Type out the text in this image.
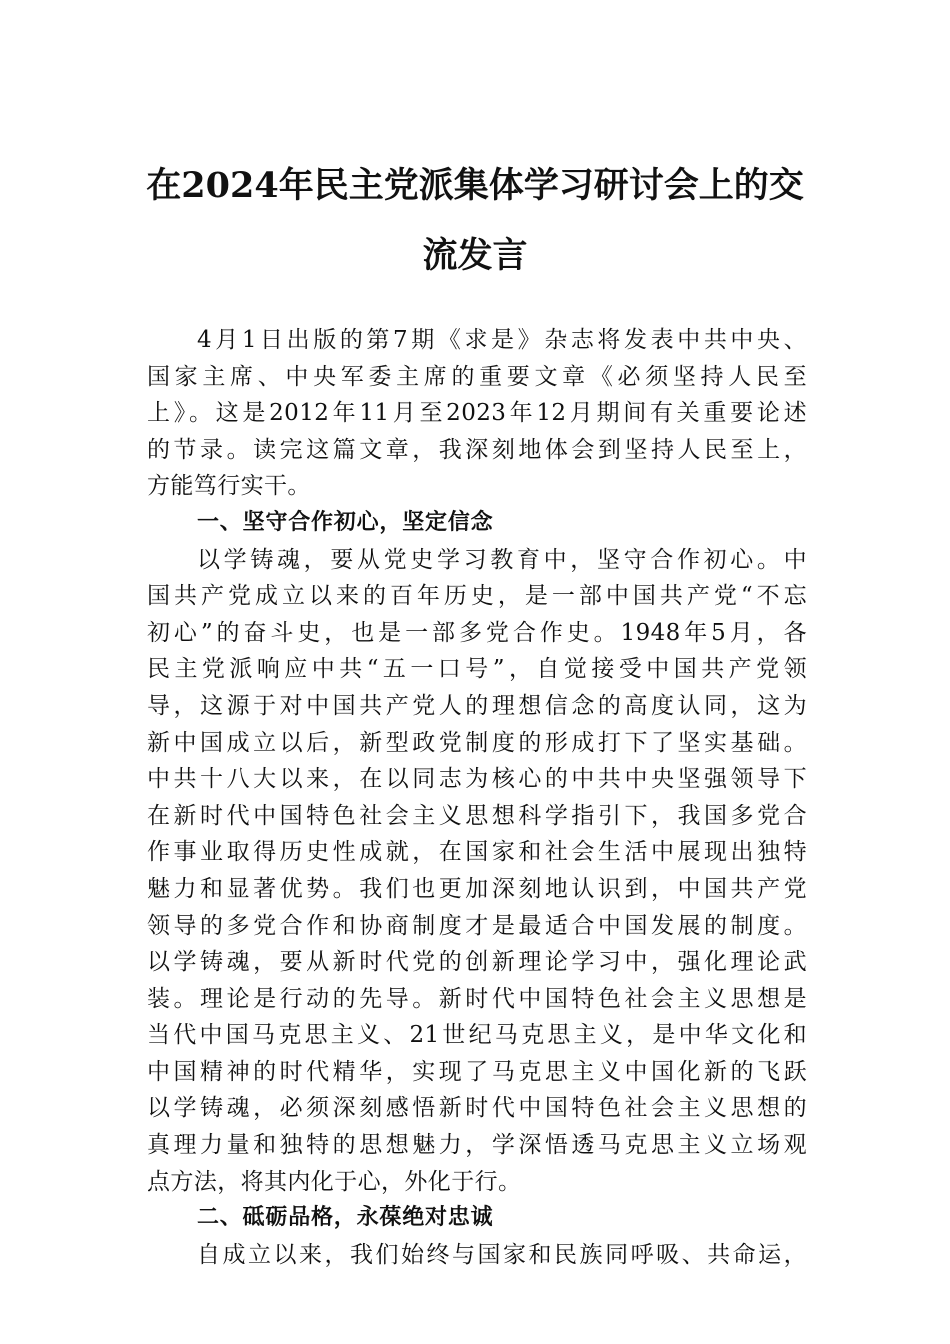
在2024年民主党派集体学习研讨会上的交
流发言
4月1日出版的第7期《求是》杂志将发表中共中央、
国家主席、中央军委主席的重要文章《必须坚持人民至
上》。这是2012年11月至2023年12月期间有关重要论述
的节录。读完这篇文章，我深刻地体会到坚持人民至上，
方能笃行实干。
一、坚守合作初心，坚定信念
以学铸魂，要从党史学习教育中，坚守合作初心。中
国共产党成立以来的百年历史，是一部中国共产党“不忘
初心”的奋斗史，也是一部多党合作史。1948年5月，各
民主党派响应中共“五一口号”，自觉接受中国共产党领
导，这源于对中国共产党人的理想信念的高度认同，这为
新中国成立以后，新型政党制度的形成打下了坚实基础。
中共十八大以来，在以同志为核心的中共中央坚强领导下
在新时代中国特色社会主义思想科学指引下，我国多党合
作事业取得历史性成就，在国家和社会生活中展现出独特
魅力和显著优势。我们也更加深刻地认识到，中国共产党
领导的多党合作和协商制度才是最适合中国发展的制度。
以学铸魂，要从新时代党的创新理论学习中，强化理论武
装。理论是行动的先导。新时代中国特色社会主义思想是
当代中国马克思主义、21世纪马克思主义，是中华文化和
中国精神的时代精华，实现了马克思主义中国化新的飞跃
以学铸魂，必须深刻感悟新时代中国特色社会主义思想的
真理力量和独特的思想魅力，学深悟透马克思主义立场观
点方法，将其内化于心，外化于行。
二、砥砺品格，永葆绝对忠诚
自成立以来，我们始终与国家和民族同呼吸、共命运，
